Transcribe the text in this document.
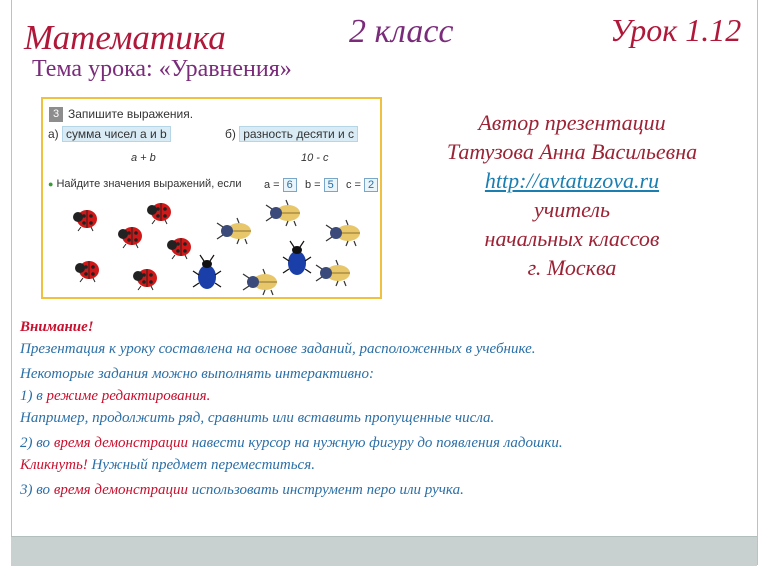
Математика	2 класс	Урок 1.12
Тема урока: «Уравнения»
3 Запишите выражения.
а) сумма чисел а и b	б) разность десяти и с
а + b	10 - с
● Найдите значения выражений, если а = 6	b = 5	с = 2
Автор презентации
Татузова Анна Васильевна
http://avtatuzova.ru
учитель
начальных классов
г. Москва

Внимание!

Презентация к уроку составлена на основе заданий, расположенных в учебнике.

Некоторые задания можно выполнять интерактивно:

1) в режиме редактирования.

Например, продолжить ряд, сравнить или вставить пропущенные числа.

2) во время демонстрации навести курсор на нужную фигуру до появления ладошки.

Кликнуть! Нужный предмет переместиться.

3) во время демонстрации использовать инструмент перо или ручка.
